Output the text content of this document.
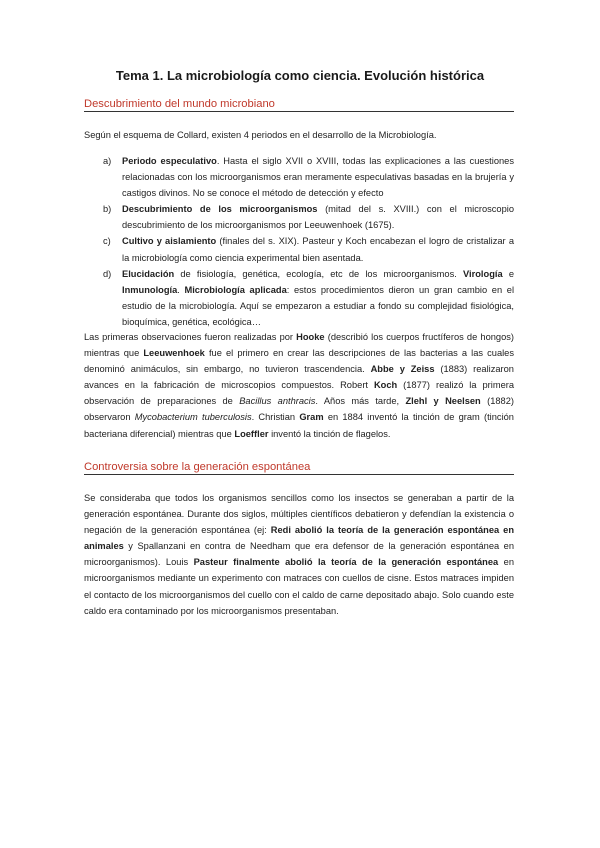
Tema 1. La microbiología como ciencia. Evolución histórica
Descubrimiento del mundo microbiano
Según el esquema de Collard, existen 4 periodos en el desarrollo de la Microbiología.
a) Periodo especulativo. Hasta el siglo XVII o XVIII, todas las explicaciones a las cuestiones relacionadas con los microorganismos eran meramente especulativas basadas en la brujería y castigos divinos. No se conoce el método de detección y efecto
b) Descubrimiento de los microorganismos (mitad del s. XVIII.) con el microscopio descubrimiento de los microorganismos por Leeuwenhoek (1675).
c) Cultivo y aislamiento (finales del s. XIX). Pasteur y Koch encabezan el logro de cristalizar a la microbiología como ciencia experimental bien asentada.
d) Elucidación de fisiología, genética, ecología, etc de los microorganismos. Virología e Inmunología. Microbiología aplicada: estos procedimientos dieron un gran cambio en el estudio de la microbiología. Aquí se empezaron a estudiar a fondo su complejidad fisiológica, bioquímica, genética, ecológica…
Las primeras observaciones fueron realizadas por Hooke (describió los cuerpos fructíferos de hongos) mientras que Leeuwenhoek fue el primero en crear las descripciones de las bacterias a las cuales denominó animáculos, sin embargo, no tuvieron trascendencia. Abbe y Zeiss (1883) realizaron avances en la fabricación de microscopios compuestos. Robert Koch (1877) realizó la primera observación de preparaciones de Bacillus anthracis. Años más tarde, Zlehl y Neelsen (1882) observaron Mycobacterium tuberculosis. Christian Gram en 1884 inventó la tinción de gram (tinción bacteriana diferencial) mientras que Loeffler inventó la tinción de flagelos.
Controversia sobre la generación espontánea
Se consideraba que todos los organismos sencillos como los insectos se generaban a partir de la generación espontánea. Durante dos siglos, múltiples científicos debatieron y defendían la existencia o negación de la generación espontánea (ej: Redi abolió la teoría de la generación espontánea en animales y Spallanzani en contra de Needham que era defensor de la generación espontánea en microorganismos). Louis Pasteur finalmente abolió la teoría de la generación espontánea en microorganismos mediante un experimento con matraces con cuellos de cisne. Estos matraces impiden el contacto de los microorganismos del cuello con el caldo de carne depositado abajo. Solo cuando este caldo era contaminado por los microorganismos presentaban.
